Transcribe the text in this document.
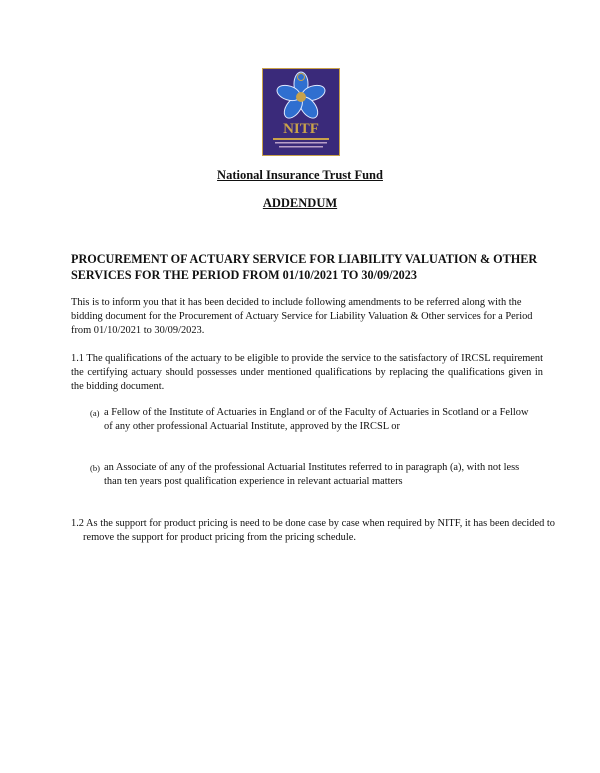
NITF
National Insurance Trust Fund
ADDENDUM
PROCUREMENT OF ACTUARY SERVICE FOR LIABILITY VALUATION & OTHER SERVICES FOR THE PERIOD FROM 01/10/2021 TO 30/09/2023
This is to inform you that it has been decided to include following amendments to be referred along with the bidding document for the Procurement of Actuary Service for Liability Valuation & Other services for a Period from 01/10/2021 to 30/09/2023.
1.1 The qualifications of the actuary to be eligible to provide the service to the satisfactory of IRCSL requirement the certifying actuary should possesses under mentioned qualifications by replacing the qualifications given in the bidding document.
(a) a Fellow of the Institute of Actuaries in England or of the Faculty of Actuaries in Scotland or a Fellow of any other professional Actuarial Institute, approved by the IRCSL or
(b) an Associate of any of the professional Actuarial Institutes referred to in paragraph (a), with not less than ten years post qualification experience in relevant actuarial matters
1.2 As the support for product pricing is need to be done case by case when required by NITF, it has been decided to remove the support for product pricing from the pricing schedule.
